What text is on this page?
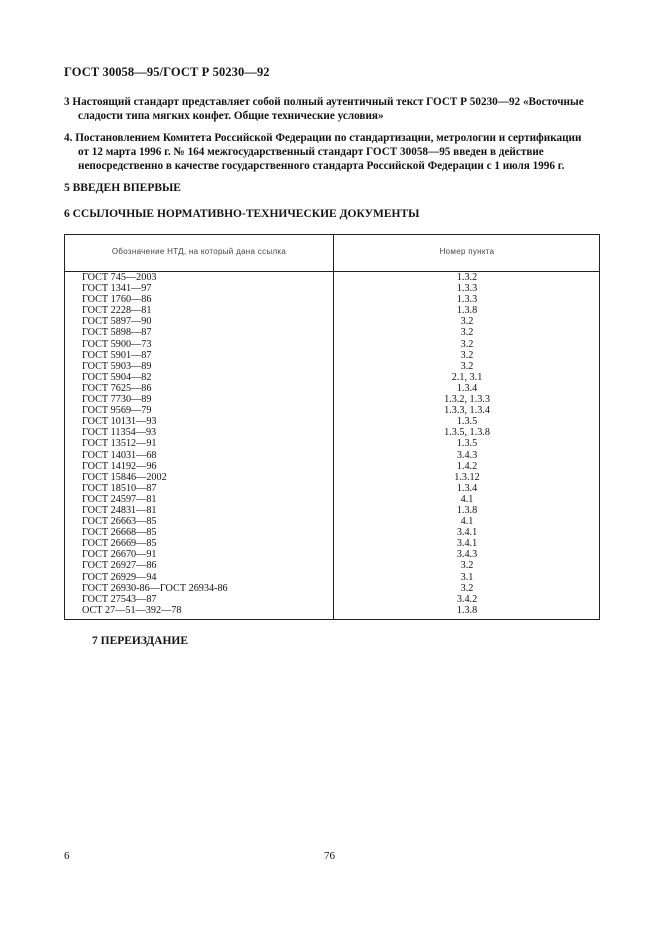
ГОСТ 30058—95/ГОСТ Р 50230—92
3 Настоящий стандарт представляет собой полный аутентичный текст ГОСТ Р 50230—92 «Восточные
сладости типа мягких конфет. Общие технические условия»
4. Постановлением Комитета Российской Федерации по стандартизации, метрологии и сертификации
от 12 марта 1996 г. № 164 межгосударственный стандарт ГОСТ 30058—95 введен в действие
непосредственно в качестве государственного стандарта Российской Федерации с 1 июля 1996 г.
5 ВВЕДЕН ВПЕРВЫЕ
6 ССЫЛОЧНЫЕ НОРМАТИВНО-ТЕХНИЧЕСКИЕ ДОКУМЕНТЫ
Обозначение НТД, на который дана ссылка	Номер пункта
ГОСТ 745—2003	1.3.2
ГОСТ 1341—97	1.3.3
ГОСТ 1760—86	1.3.3
ГОСТ 2228—81	1.3.8
ГОСТ 5897—90	3.2
ГОСТ 5898—87	3.2
ГОСТ 5900—73	3.2
ГОСТ 5901—87	3.2
ГОСТ 5903—89	3.2
ГОСТ 5904—82	2.1, 3.1
ГОСТ 7625—86	1.3.4
ГОСТ 7730—89	1.3.2, 1.3.3
ГОСТ 9569—79	1.3.3, 1.3.4
ГОСТ 10131—93	1.3.5
ГОСТ 11354—93	1.3.5, 1.3.8
ГОСТ 13512—91	1.3.5
ГОСТ 14031—68	3.4.3
ГОСТ 14192—96	1.4.2
ГОСТ 15846—2002	1.3.12
ГОСТ 18510—87	1.3.4
ГОСТ 24597—81	4.1
ГОСТ 24831—81	1.3.8
ГОСТ 26663—85	4.1
ГОСТ 26668—85	3.4.1
ГОСТ 26669—85	3.4.1
ГОСТ 26670—91	3.4.3
ГОСТ 26927—86	3.2
ГОСТ 26929—94	3.1
ГОСТ 26930-86—ГОСТ 26934-86	3.2
ГОСТ 27543—87	3.4.2
ОСТ 27—51—392—78	1.3.8
7 ПЕРЕИЗДАНИЕ
6	76
